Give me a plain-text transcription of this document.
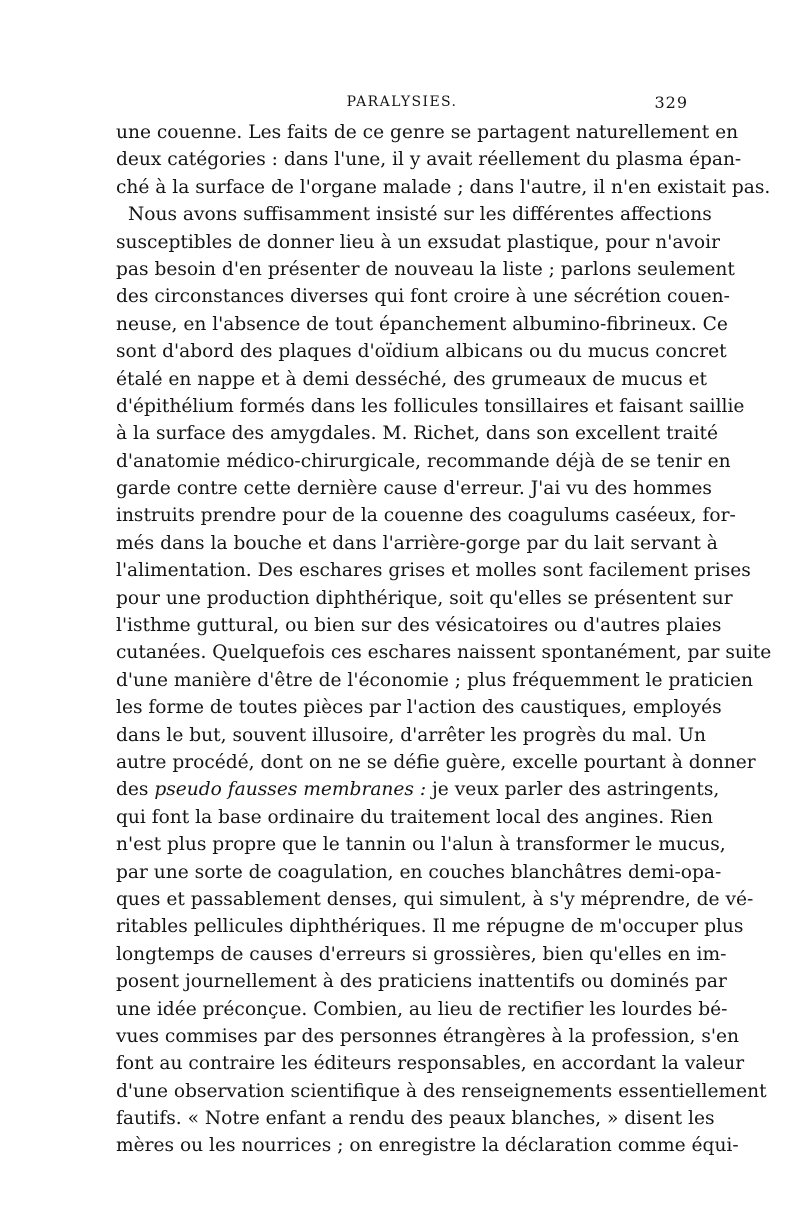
PARALYSIES.	329
une couenne. Les faits de ce genre se partagent naturellement en
deux catégories : dans l'une, il y avait réellement du plasma épan-
ché à la surface de l'organe malade ; dans l'autre, il n'en existait pas.
Nous avons suffisamment insisté sur les différentes affections
susceptibles de donner lieu à un exsudat plastique, pour n'avoir
pas besoin d'en présenter de nouveau la liste ; parlons seulement
des circonstances diverses qui font croire à une sécrétion couen-
neuse, en l'absence de tout épanchement albumino-fibrineux. Ce
sont d'abord des plaques d'oïdium albicans ou du mucus concret
étalé en nappe et à demi desséché, des grumeaux de mucus et
d'épithélium formés dans les follicules tonsillaires et faisant saillie
à la surface des amygdales. M. Richet, dans son excellent traité
d'anatomie médico-chirurgicale, recommande déjà de se tenir en
garde contre cette dernière cause d'erreur. J'ai vu des hommes
instruits prendre pour de la couenne des coagulums caséeux, for-
més dans la bouche et dans l'arrière-gorge par du lait servant à
l'alimentation. Des eschares grises et molles sont facilement prises
pour une production diphthérique, soit qu'elles se présentent sur
l'isthme guttural, ou bien sur des vésicatoires ou d'autres plaies
cutanées. Quelquefois ces eschares naissent spontanément, par suite
d'une manière d'être de l'économie ; plus fréquemment le praticien
les forme de toutes pièces par l'action des caustiques, employés
dans le but, souvent illusoire, d'arrêter les progrès du mal. Un
autre procédé, dont on ne se défie guère, excelle pourtant à donner
des pseudo fausses membranes : je veux parler des astringents,
qui font la base ordinaire du traitement local des angines. Rien
n'est plus propre que le tannin ou l'alun à transformer le mucus,
par une sorte de coagulation, en couches blanchâtres demi-opa-
ques et passablement denses, qui simulent, à s'y méprendre, de vé-
ritables pellicules diphthériques. Il me répugne de m'occuper plus
longtemps de causes d'erreurs si grossières, bien qu'elles en im-
posent journellement à des praticiens inattentifs ou dominés par
une idée préconçue. Combien, au lieu de rectifier les lourdes bé-
vues commises par des personnes étrangères à la profession, s'en
font au contraire les éditeurs responsables, en accordant la valeur
d'une observation scientifique à des renseignements essentiellement
fautifs. « Notre enfant a rendu des peaux blanches, » disent les
mères ou les nourrices ; on enregistre la déclaration comme équi-
